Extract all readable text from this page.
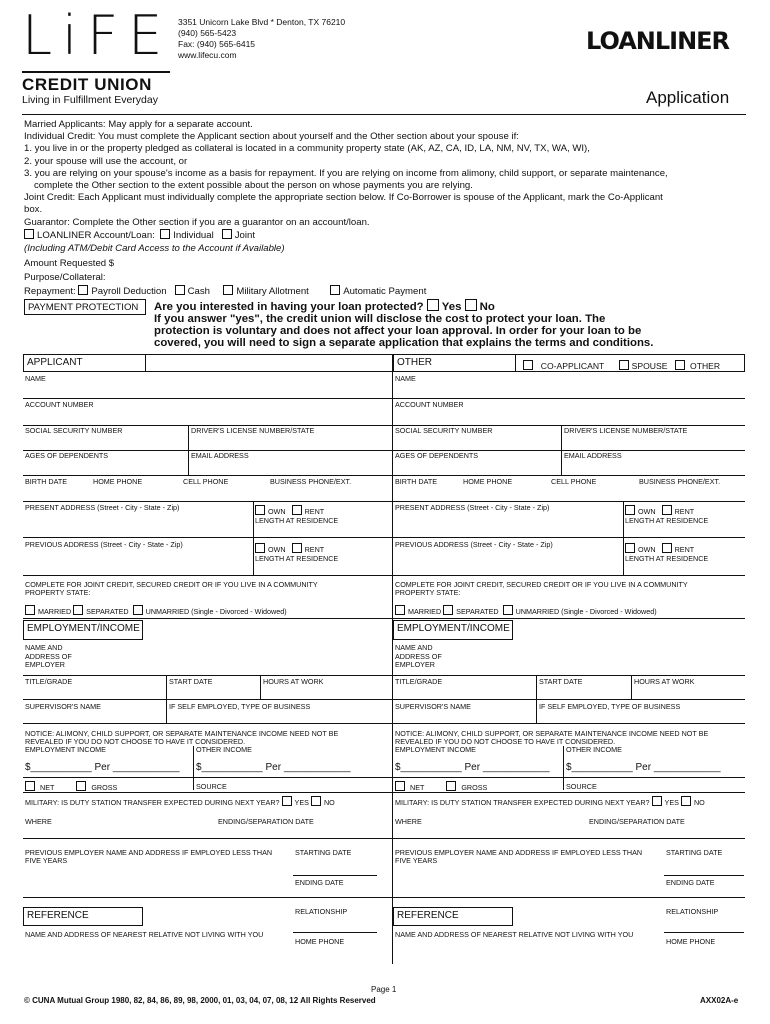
LiFE
CREDIT UNION
Living in Fulfillment Everyday
3351 Unicorn Lake Blvd * Denton, TX 76210
(940) 565-5423
Fax: (940) 565-6415
www.lifecu.com	LOANLINER
Application
Married Applicants: May apply for a separate account.
Individual Credit: You must complete the Applicant section about yourself and the Other section about your spouse if:
1. you live in or the property pledged as collateral is located in a community property state (AK, AZ, CA, ID, LA, NM, NV, TX, WA, WI),
2. your spouse will use the account, or
3. you are relying on your spouse's income as a basis for repayment. If you are relying on income from alimony, child support, or separate maintenance,
complete the Other section to the extent possible about the person on whose payments you are relying.
Joint Credit: Each Applicant must individually complete the appropriate section below. If Co-Borrower is spouse of the Applicant, mark the Co-Applicant
box.
Guarantor: Complete the Other section if you are a guarantor on an account/loan.
LOANLINER Account/Loan: Individual Joint
(Including ATM/Debit Card Access to the Account if Available)
Amount Requested $
Purpose/Collateral:
Repayment: Payroll Deduction Cash	Military Allotment	Automatic Payment
PAYMENT PROTECTION	Are you interested in having your loan protected? Yes No
If you answer "yes", the credit union will disclose the cost to protect your loan. The
protection is voluntary and does not affect your loan approval. In order for your loan to be
covered, you will need to sign a separate application that explains the terms and conditions.
APPLICANT
NAME
ACCOUNT NUMBER
SOCIAL SECURITY NUMBER	DRIVER'S LICENSE NUMBER/STATE
AGES OF DEPENDENTS	EMAIL ADDRESS
BIRTH DATE	HOME PHONE	CELL PHONE	BUSINESS PHONE/EXT.
PRESENT ADDRESS (Street - City - State - Zip)	OWN	RENT
LENGTH AT RESIDENCE
PREVIOUS ADDRESS (Street - City - State - Zip)
OWN	RENT
LENGTH AT RESIDENCE
COMPLETE FOR JOINT CREDIT, SECURED CREDIT OR IF YOU LIVE IN A COMMUNITY
PROPERTY STATE:
MARRIED SEPARATED UNMARRIED (Single - Divorced - Widowed)
EMPLOYMENT/INCOME
NAME AND
ADDRESS OF
EMPLOYER
TITLE/GRADE	START DATE	HOURS AT WORK
SUPERVISOR'S NAME	IF SELF EMPLOYED, TYPE OF BUSINESS
NOTICE: ALIMONY, CHILD SUPPORT, OR SEPARATE MAINTENANCE INCOME NEED NOT BE
REVEALED IF YOU DO NOT CHOOSE TO HAVE IT CONSIDERED.
EMPLOYMENT INCOME	OTHER INCOME
$___________ Per ____________ $___________ Per ____________
NET	GROSS	SOURCE
MILITARY: IS DUTY STATION TRANSFER EXPECTED DURING NEXT YEAR? YES NO
WHERE	ENDING/SEPARATION DATE
PREVIOUS EMPLOYER NAME AND ADDRESS IF EMPLOYED LESS THAN
FIVE YEARS
STARTING DATE
ENDING DATE
REFERENCE	RELATIONSHIP
NAME AND ADDRESS OF NEAREST RELATIVE NOT LIVING WITH YOU
HOME PHONE
OTHER	CO-APPLICANT	SPOUSE	OTHER
NAME
ACCOUNT NUMBER
SOCIAL SECURITY NUMBER	DRIVER'S LICENSE NUMBER/STATE
AGES OF DEPENDENTS	EMAIL ADDRESS
BIRTH DATE	HOME PHONE	CELL PHONE	BUSINESS PHONE/EXT.
PRESENT ADDRESS (Street - City - State - Zip)	OWN	RENT
LENGTH AT RESIDENCE
PREVIOUS ADDRESS (Street - City - State - Zip)
OWN	RENT
LENGTH AT RESIDENCE
COMPLETE FOR JOINT CREDIT, SECURED CREDIT OR IF YOU LIVE IN A COMMUNITY
PROPERTY STATE:
MARRIED SEPARATED UNMARRIED (Single - Divorced - Widowed)
EMPLOYMENT/INCOME
NAME AND
ADDRESS OF
EMPLOYER
TITLE/GRADE	START DATE	HOURS AT WORK
SUPERVISOR'S NAME	IF SELF EMPLOYED, TYPE OF BUSINESS
NOTICE: ALIMONY, CHILD SUPPORT, OR SEPARATE MAINTENANCE INCOME NEED NOT BE
REVEALED IF YOU DO NOT CHOOSE TO HAVE IT CONSIDERED.
EMPLOYMENT INCOME	OTHER INCOME
$___________ Per ____________ $___________ Per ____________
NET	GROSS	SOURCE
MILITARY: IS DUTY STATION TRANSFER EXPECTED DURING NEXT YEAR? YES NO
WHERE	ENDING/SEPARATION DATE
PREVIOUS EMPLOYER NAME AND ADDRESS IF EMPLOYED LESS THAN
FIVE YEARS
STARTING DATE
ENDING DATE
REFERENCE	RELATIONSHIP
NAME AND ADDRESS OF NEAREST RELATIVE NOT LIVING WITH YOU
HOME PHONE
Page 1
© CUNA Mutual Group 1980, 82, 84, 86, 89, 98, 2000, 01, 03, 04, 07, 08, 12 All Rights Reserved	AXX02A-e
